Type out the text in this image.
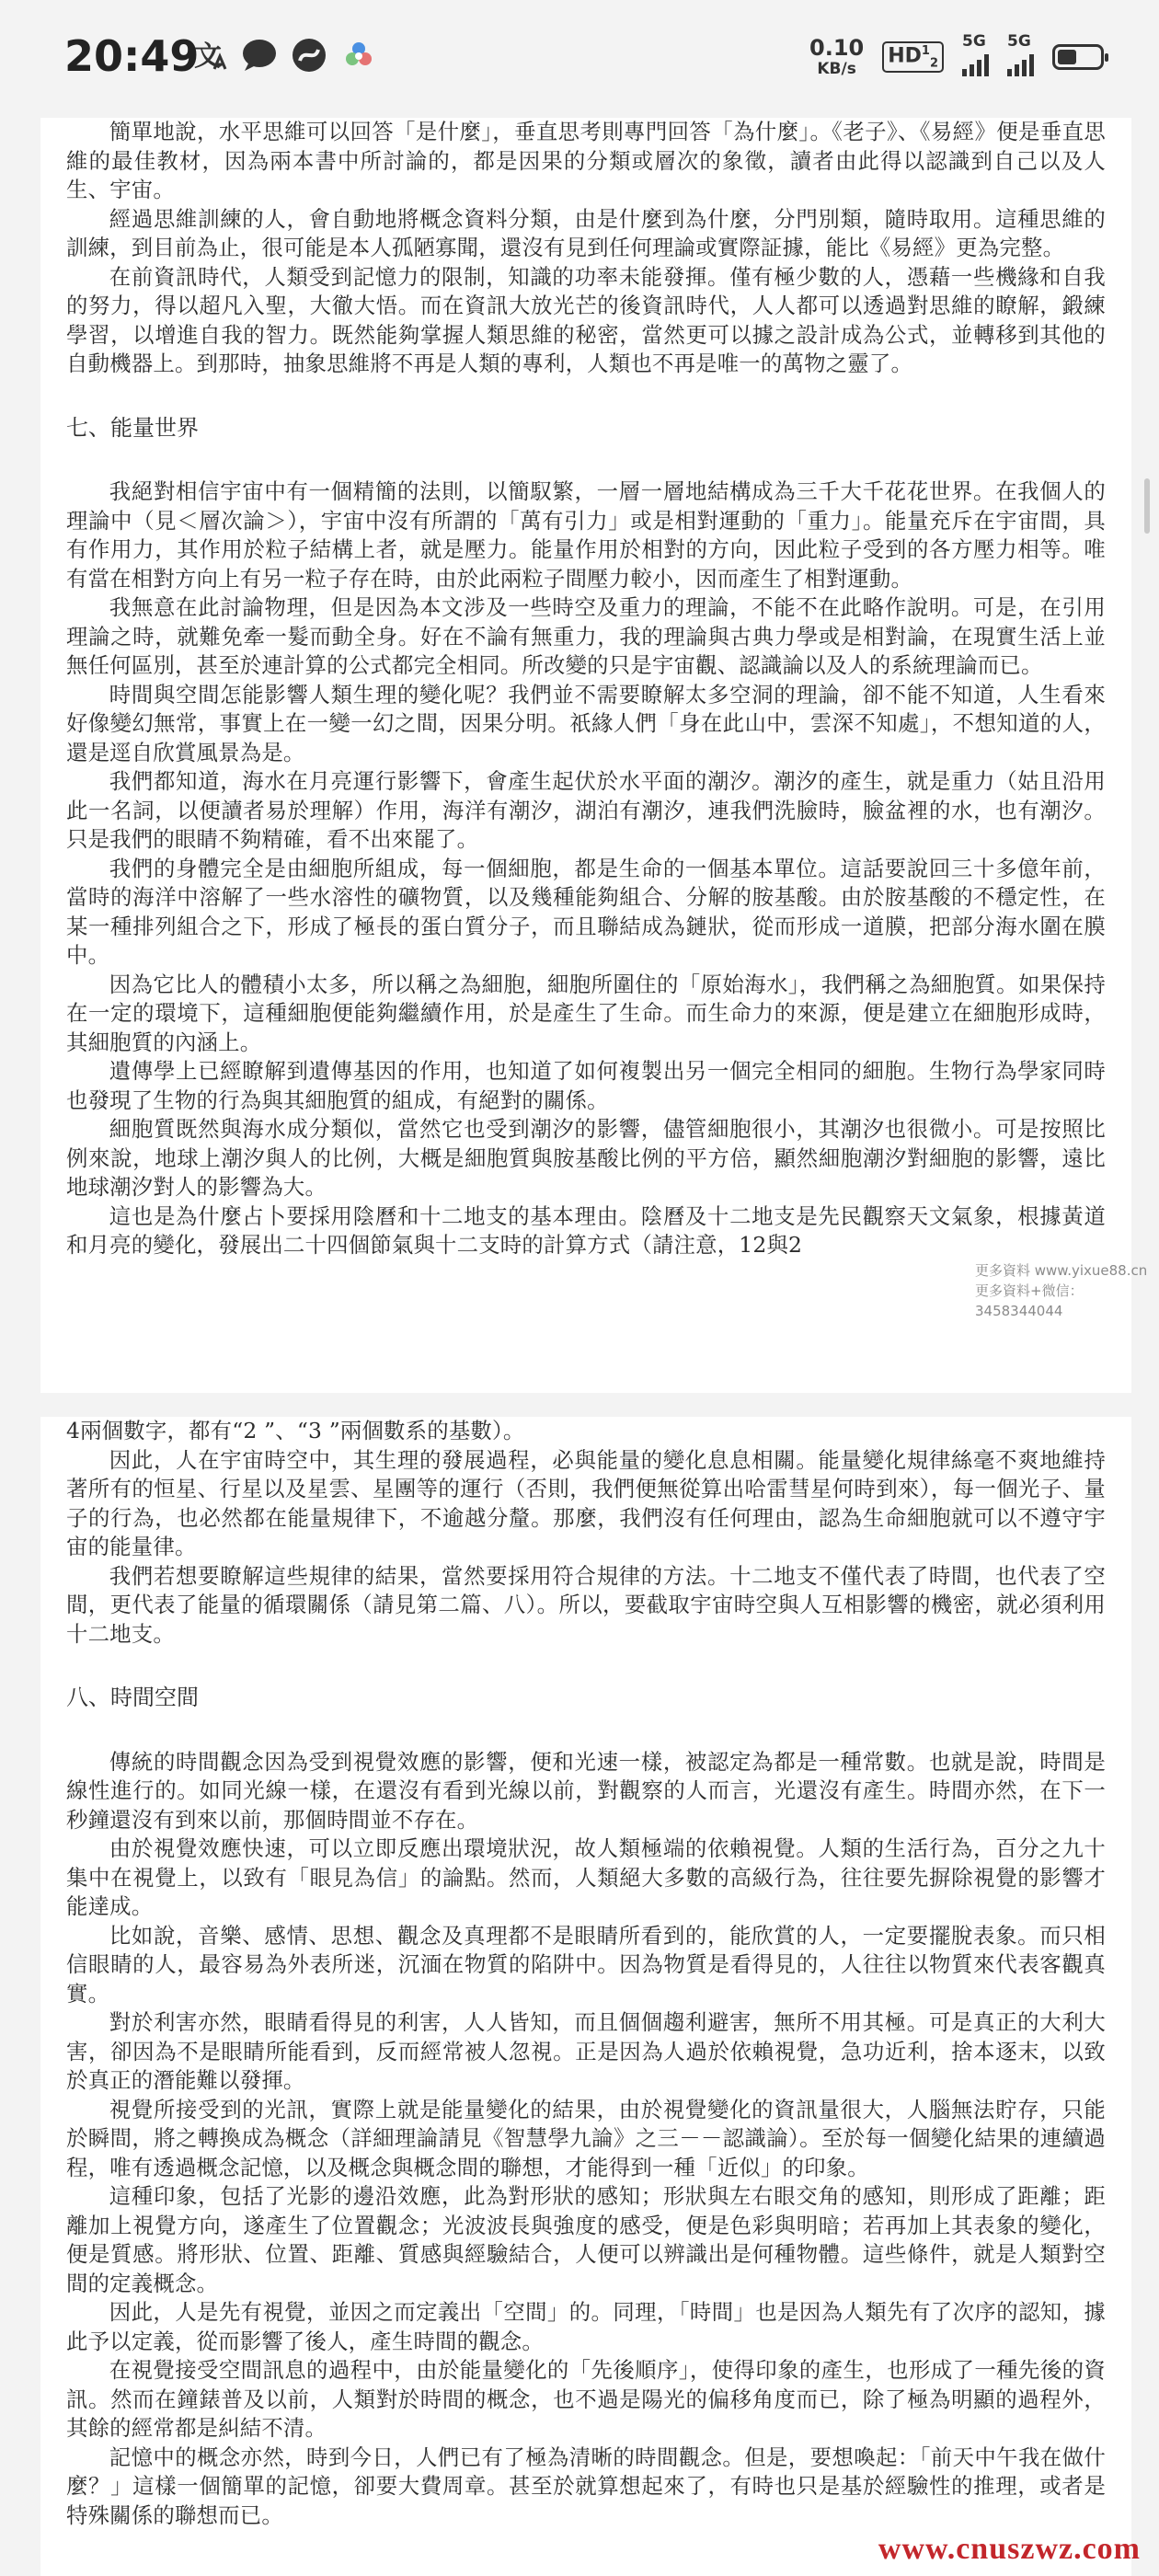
20:49
文	0.10
KB/s
$HD^1_2$
5G 5G

簡單地說，水平思維可以回答「是什麼」，垂直思考則專門回答「為什麼」。《老子》、《易經》便是垂直思維的最佳教材，因為兩本書中所討論的，都是因果的分類或層次的象徵，讀者由此得以認識到自己以及人生、宇宙。

經過思維訓練的人，會自動地將概念資料分類，由是什麼到為什麼，分門別類，隨時取用。這種思維的訓練，到目前為止，很可能是本人孤陋寡聞，還沒有見到任何理論或實際証據，能比《易經》更為完整。

在前資訊時代，人類受到記憶力的限制，知識的功率未能發揮。僅有極少數的人，憑藉一些機緣和自我的努力，得以超凡入聖，大徹大悟。而在資訊大放光芒的後資訊時代，人人都可以透過對思維的瞭解，鍛練學習，以增進自我的智力。既然能夠掌握人類思維的秘密，當然更可以據之設計成為公式，並轉移到其他的自動機器上。到那時，抽象思維將不再是人類的專利，人類也不再是唯一的萬物之靈了。

七、能量世界

我絕對相信宇宙中有一個精簡的法則，以簡馭繁，一層一層地結構成為三千大千花花世界。在我個人的理論中（見＜層次論＞），宇宙中沒有所謂的「萬有引力」或是相對運動的「重力」。能量充斥在宇宙間，具有作用力，其作用於粒子結構上者，就是壓力。能量作用於相對的方向，因此粒子受到的各方壓力相等。唯有當在相對方向上有另一粒子存在時，由於此兩粒子間壓力較小，因而產生了相對運動。

我無意在此討論物理，但是因為本文涉及一些時空及重力的理論，不能不在此略作說明。可是，在引用理論之時，就難免牽一髮而動全身。好在不論有無重力，我的理論與古典力學或是相對論，在現實生活上並無任何區別，甚至於連計算的公式都完全相同。所改變的只是宇宙觀、認識論以及人的系統理論而已。

時間與空間怎能影響人類生理的變化呢？我們並不需要瞭解太多空洞的理論，卻不能不知道，人生看來好像變幻無常，事實上在一變一幻之間，因果分明。祇緣人們「身在此山中，雲深不知處」，不想知道的人，還是逕自欣賞風景為是。

我們都知道，海水在月亮運行影響下，會產生起伏於水平面的潮汐。潮汐的產生，就是重力（姑且沿用此一名詞，以便讀者易於理解）作用，海洋有潮汐，湖泊有潮汐，連我們洗臉時，臉盆裡的水，也有潮汐。只是我們的眼睛不夠精確，看不出來罷了。

我們的身體完全是由細胞所組成，每一個細胞，都是生命的一個基本單位。這話要說回三十多億年前，當時的海洋中溶解了一些水溶性的礦物質，以及幾種能夠組合、分解的胺基酸。由於胺基酸的不穩定性，在某一種排列組合之下，形成了極長的蛋白質分子，而且聯結成為鏈狀，從而形成一道膜，把部分海水圍在膜中。

因為它比人的體積小太多，所以稱之為細胞，細胞所圍住的「原始海水」，我們稱之為細胞質。如果保持在一定的環境下，這種細胞便能夠繼續作用，於是產生了生命。而生命力的來源，便是建立在細胞形成時，其細胞質的內涵上。

遺傳學上已經瞭解到遺傳基因的作用，也知道了如何複製出另一個完全相同的細胞。生物行為學家同時也發現了生物的行為與其細胞質的組成，有絕對的關係。

細胞質既然與海水成分類似，當然它也受到潮汐的影響，儘管細胞很小，其潮汐也很微小。可是按照比例來說，地球上潮汐與人的比例，大概是細胞質與胺基酸比例的平方倍，顯然細胞潮汐對細胞的影響，遠比地球潮汐對人的影響為大。

這也是為什麼占卜要採用陰曆和十二地支的基本理由。陰曆及十二地支是先民觀察天文氣象，根據黃道和月亮的變化，發展出二十四個節氣與十二支時的計算方式（請注意，12與2

4兩個數字，都有“2 ”、“3 ”兩個數系的基數）。

因此，人在宇宙時空中，其生理的發展過程，必與能量的變化息息相關。能量變化規律絲毫不爽地維持著所有的恒星、行星以及星雲、星團等的運行（否則，我們便無從算出哈雷彗星何時到來），每一個光子、量子的行為，也必然都在能量規律下，不逾越分釐。那麼，我們沒有任何理由，認為生命細胞就可以不遵守宇宙的能量律。

我們若想要瞭解這些規律的結果，當然要採用符合規律的方法。十二地支不僅代表了時間，也代表了空間，更代表了能量的循環關係（請見第二篇、八）。所以，要截取宇宙時空與人互相影響的機密，就必須利用十二地支。

八、時間空間

傳統的時間觀念因為受到視覺效應的影響，便和光速一樣，被認定為都是一種常數。也就是說，時間是線性進行的。如同光線一樣，在還沒有看到光線以前，對觀察的人而言，光還沒有產生。時間亦然，在下一秒鐘還沒有到來以前，那個時間並不存在。

由於視覺效應快速，可以立即反應出環境狀況，故人類極端的依賴視覺。人類的生活行為，百分之九十集中在視覺上，以致有「眼見為信」的論點。然而，人類絕大多數的高級行為，往往要先摒除視覺的影響才能達成。

比如說，音樂、感情、思想、觀念及真理都不是眼睛所看到的，能欣賞的人，一定要擺脫表象。而只相信眼睛的人，最容易為外表所迷，沉湎在物質的陷阱中。因為物質是看得見的，人往往以物質來代表客觀真實。

對於利害亦然，眼睛看得見的利害，人人皆知，而且個個趨利避害，無所不用其極。可是真正的大利大害，卻因為不是眼睛所能看到，反而經常被人忽視。正是因為人過於依賴視覺，急功近利，捨本逐末，以致於真正的潛能難以發揮。

視覺所接受到的光訊，實際上就是能量變化的結果，由於視覺變化的資訊量很大，人腦無法貯存，只能於瞬間，將之轉換成為概念（詳細理論請見《智慧學九論》之三－－認識論）。至於每一個變化結果的連續過程，唯有透過概念記憶，以及概念與概念間的聯想，才能得到一種「近似」的印象。

這種印象，包括了光影的邊沿效應，此為對形狀的感知；形狀與左右眼交角的感知，則形成了距離；距離加上視覺方向，遂產生了位置觀念；光波波長與強度的感受，便是色彩與明暗；若再加上其表象的變化，便是質感。將形狀、位置、距離、質感與經驗結合，人便可以辨識出是何種物體。這些條件，就是人類對空間的定義概念。

因此，人是先有視覺，並因之而定義出「空間」的。同理，「時間」也是因為人類先有了次序的認知，據此予以定義，從而影響了後人，產生時間的觀念。

在視覺接受空間訊息的過程中，由於能量變化的「先後順序」，使得印象的產生，也形成了一種先後的資訊。然而在鐘錶普及以前，人類對於時間的概念，也不過是陽光的偏移角度而已，除了極為明顯的過程外，其餘的經常都是糾結不清。

記憶中的概念亦然，時到今日，人們已有了極為清晰的時間觀念。但是，要想喚起：「前天中午我在做什麼？」這樣一個簡單的記憶，卻要大費周章。甚至於就算想起來了，有時也只是基於經驗性的推理，或者是特殊關係的聯想而已。

更多資料 www.yixue88.cn
更多資料+微信：3458344044
www.cnuszwz.com
